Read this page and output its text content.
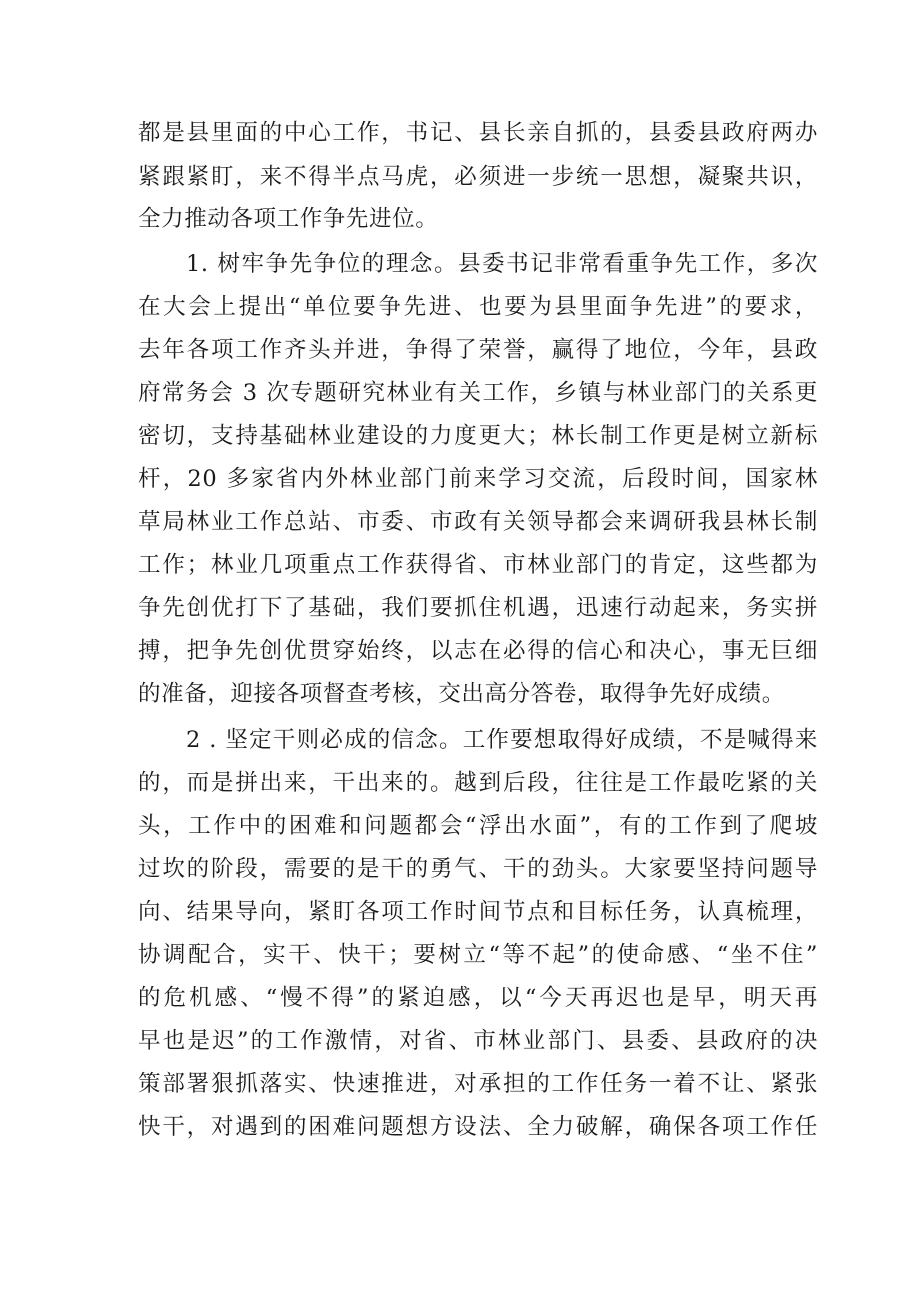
都是县里面的中心工作，书记、县长亲自抓的，县委县政府两办
紧跟紧盯，来不得半点马虎，必须进一步统一思想，凝聚共识，
全力推动各项工作争先进位。
1. 树牢争先争位的理念。县委书记非常看重争先工作，多次
在大会上提出“单位要争先进、也要为县里面争先进”的要求，
去年各项工作齐头并进，争得了荣誉，赢得了地位，今年，县政
府常务会 3 次专题研究林业有关工作，乡镇与林业部门的关系更
密切，支持基础林业建设的力度更大；林长制工作更是树立新标
杆，20 多家省内外林业部门前来学习交流，后段时间，国家林
草局林业工作总站、市委、市政有关领导都会来调研我县林长制
工作；林业几项重点工作获得省、市林业部门的肯定，这些都为
争先创优打下了基础，我们要抓住机遇，迅速行动起来，务实拼
搏，把争先创优贯穿始终，以志在必得的信心和决心，事无巨细
的准备，迎接各项督查考核，交出高分答卷，取得争先好成绩。
2 . 坚定干则必成的信念。工作要想取得好成绩，不是喊得来
的，而是拼出来，干出来的。越到后段，往往是工作最吃紧的关
头，工作中的困难和问题都会“浮出水面”，有的工作到了爬坡
过坎的阶段，需要的是干的勇气、干的劲头。大家要坚持问题导
向、结果导向，紧盯各项工作时间节点和目标任务，认真梳理，
协调配合，实干、快干；要树立“等不起”的使命感、“坐不住”
的危机感、“慢不得”的紧迫感，以“今天再迟也是早，明天再
早也是迟”的工作激情，对省、市林业部门、县委、县政府的决
策部署狠抓落实、快速推进，对承担的工作任务一着不让、紧张
快干，对遇到的困难问题想方设法、全力破解，确保各项工作任
